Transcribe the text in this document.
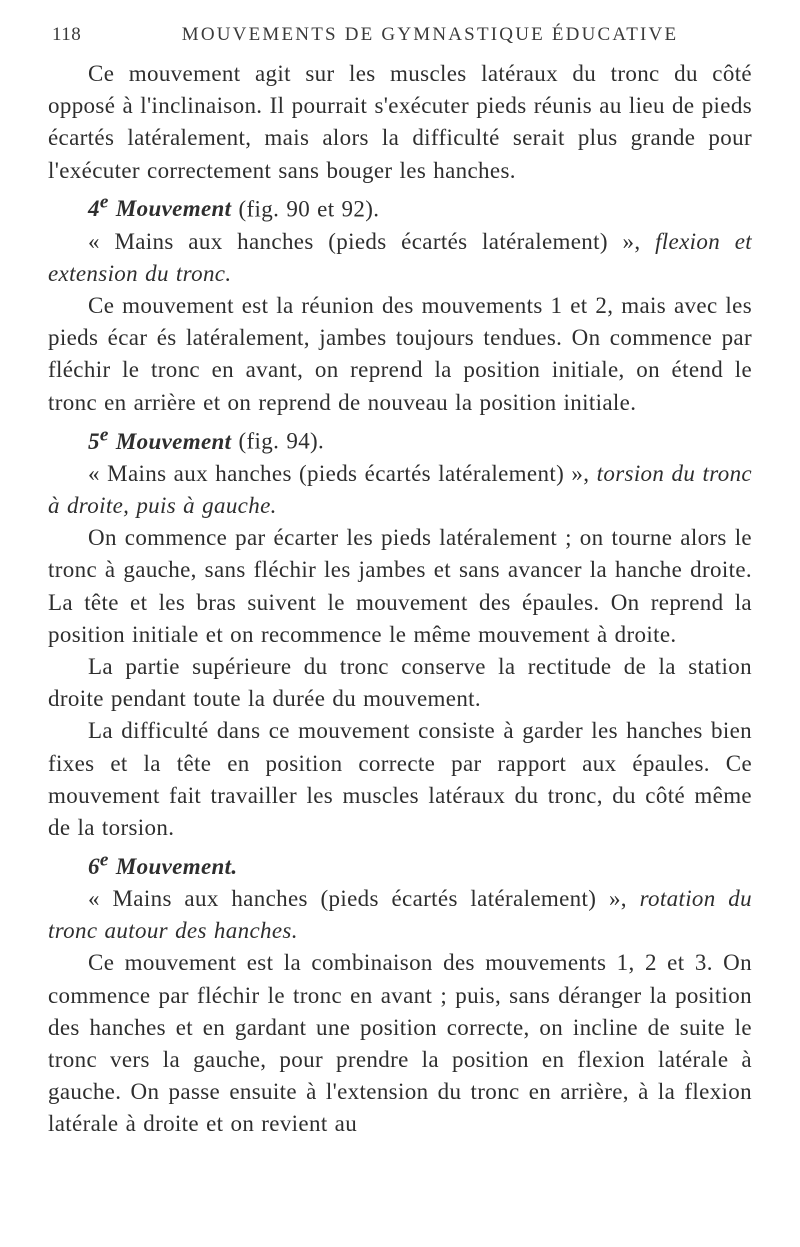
118	MOUVEMENTS DE GYMNASTIQUE ÉDUCATIVE

Ce mouvement agit sur les muscles latéraux du tronc du côté opposé à l'inclinaison. Il pourrait s'exécuter pieds réunis au lieu de pieds écartés latéralement, mais alors la difficulté serait plus grande pour l'exécuter correctement sans bouger les hanches.

4e Mouvement (fig. 90 et 92).

« Mains aux hanches (pieds écartés latéralement) », flexion et extension du tronc.

Ce mouvement est la réunion des mouvements 1 et 2, mais avec les pieds écar és latéralement, jambes toujours tendues. On commence par fléchir le tronc en avant, on reprend la position initiale, on étend le tronc en arrière et on reprend de nouveau la position initiale.

5e Mouvement (fig. 94).

« Mains aux hanches (pieds écartés latéralement) », torsion du tronc à droite, puis à gauche.

On commence par écarter les pieds latéralement ; on tourne alors le tronc à gauche, sans fléchir les jambes et sans avancer la hanche droite. La tête et les bras suivent le mouvement des épaules. On reprend la position initiale et on recommence le même mouvement à droite.

La partie supérieure du tronc conserve la rectitude de la station droite pendant toute la durée du mouvement.

La difficulté dans ce mouvement consiste à garder les hanches bien fixes et la tête en position correcte par rapport aux épaules. Ce mouvement fait travailler les muscles latéraux du tronc, du côté même de la torsion.

6e Mouvement.

« Mains aux hanches (pieds écartés latéralement) », rotation du tronc autour des hanches.

Ce mouvement est la combinaison des mouvements 1, 2 et 3. On commence par fléchir le tronc en avant ; puis, sans déranger la position des hanches et en gardant une position correcte, on incline de suite le tronc vers la gauche, pour prendre la position en flexion latérale à gauche. On passe ensuite à l'extension du tronc en arrière, à la flexion latérale à droite et on revient au
